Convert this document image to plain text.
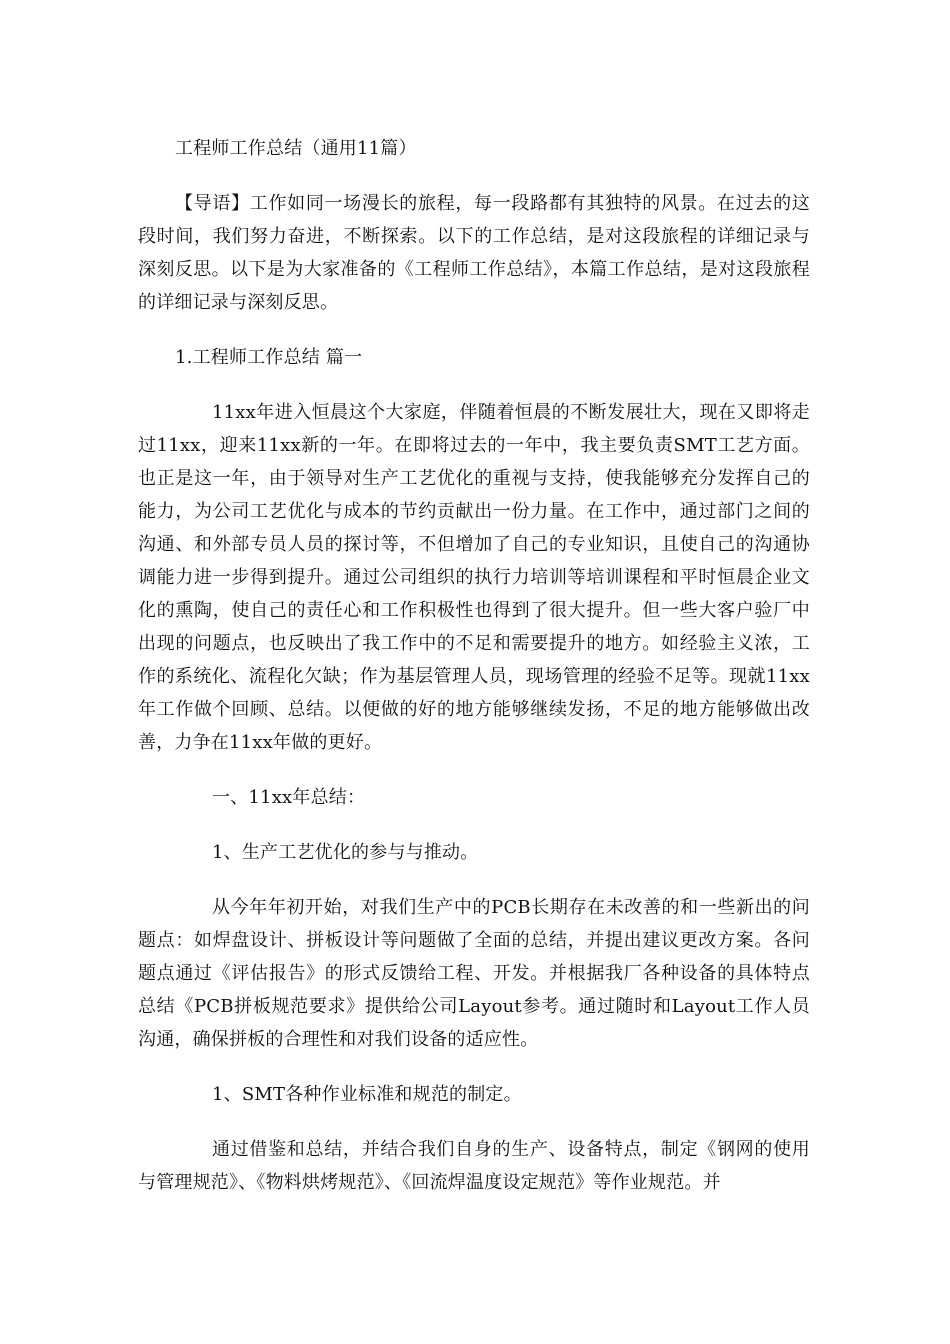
工程师工作总结（通用11篇）

【导语】工作如同一场漫长的旅程，每一段路都有其独特的风景。在过去的这段时间，我们努力奋进，不断探索。以下的工作总结，是对这段旅程的详细记录与深刻反思。以下是为大家准备的《工程师工作总结》，本篇工作总结，是对这段旅程的详细记录与深刻反思。

1.工程师工作总结 篇一

11xx年进入恒晨这个大家庭，伴随着恒晨的不断发展壮大，现在又即将走过11xx，迎来11xx新的一年。在即将过去的一年中，我主要负责SMT工艺方面。也正是这一年，由于领导对生产工艺优化的重视与支持，使我能够充分发挥自己的能力，为公司工艺优化与成本的节约贡献出一份力量。在工作中，通过部门之间的沟通、和外部专员人员的探讨等，不但增加了自己的专业知识，且使自己的沟通协调能力进一步得到提升。通过公司组织的执行力培训等培训课程和平时恒晨企业文化的熏陶，使自己的责任心和工作积极性也得到了很大提升。但一些大客户验厂中出现的问题点，也反映出了我工作中的不足和需要提升的地方。如经验主义浓，工作的系统化、流程化欠缺；作为基层管理人员，现场管理的经验不足等。现就11xx年工作做个回顾、总结。以便做的好的地方能够继续发扬，不足的地方能够做出改善，力争在11xx年做的更好。

一、11xx年总结：

1、生产工艺优化的参与与推动。

从今年年初开始，对我们生产中的PCB长期存在未改善的和一些新出的问题点：如焊盘设计、拼板设计等问题做了全面的总结，并提出建议更改方案。各问题点通过《评估报告》的形式反馈给工程、开发。并根据我厂各种设备的具体特点总结《PCB拼板规范要求》提供给公司Layout参考。通过随时和Layout工作人员沟通，确保拼板的合理性和对我们设备的适应性。

1、SMT各种作业标准和规范的制定。

通过借鉴和总结，并结合我们自身的生产、设备特点，制定《钢网的使用与管理规范》、《物料烘烤规范》、《回流焊温度设定规范》等作业规范。并
